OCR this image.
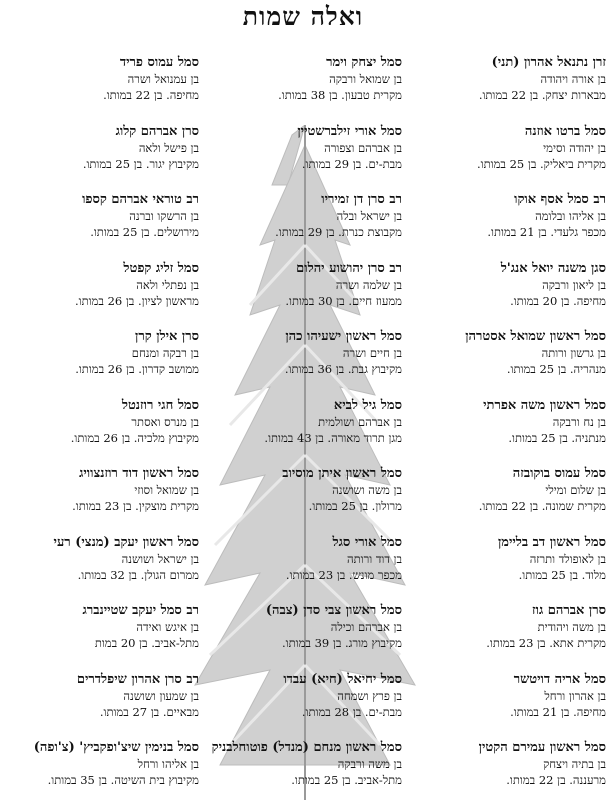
ואלה שמות
זרן נתנאל אהרון (תני)
בן אורה ויהודה
מבארות יצחק. בן 22 במותו.
סמל ברטו אוזנה
בן יהודה וסימי
מקרית ביאליק. בן 25 במותו.
רב סמל אסף אוקו
בן אליהו ובלומה
מכפר גלעדי. בן 21 במותו.
סגן משנה יואל אנג'ל
בן ליאון ורבקה
מחיפה. בן 20 במותו.
סמל ראשון שמואל אסטרהן
בן גרשון ורותה
מנהריה. בן 25 במותו.
סמל ראשון משה אפרתי
בן נח ורבקה
מנתניה. בן 25 במותו.
סמל עמוס בוקובזה
בן שלום ומילי
מקרית שמונה. בן 22 במותו.
סמל ראשון דב בליימן
בן לאופולד ותרזה
מלוד. בן 25 במותו.
סרן אברהם גוז
בן משה ויהודית
מקרית אתא. בן 23 במותו.
סמל אריה דויטשר
בן אהרון ורחל
מחיפה. בן 21 במותו.
סמל ראשון עמירם הקטין
בן בתיה ויצחק
מרעננה. בן 22 במותו.
סמל יצחק וימר
בן שמואל ורבקה
מקרית טבעון. בן 38 במותו.
סמל אורי זילברשטיין
בן אברהם וצפורה
מבת-ים. בן 29 במותו.
רב סרן דן זמיריו
בן ישראל ובלה
מקבוצת כנרת. בן 29 במותו.
רב סרן יהושוע יהלום
בן שלמה ושרה
ממעוז חיים. בן 30 במותו.
סמל ראשון ישעיהו כהן
בן חיים ושרה
מקיבוץ גבת. בן 36 במותו.
סמל גיל לביא
בן אברהם ושולמית
מגן תרוד מאורה. בן 43 במותו.
סמל ראשון איתן מוסיוב
בן משה ושושנה
מרולון. בן 25 במותו.
סמל אורי סגל
בן דוד ורותה
מכפר מונש. בן 23 במותו.
סמל ראשון צבי סדן (צבה)
בן אברהם וכילה
מקיבוץ מורג. בן 39 במותו.
סמל יחיאל (חיא) עבדו
בן פרץ ושמחה
מבת-ים. בן 28 במותו.
סמל ראשון מנחם (מנדל) פוטוחלבניק
בן משה ורבקה
מתל-אביב. בן 25 במותו.
סמל עמוס פריד
בן עמנואל ושרה
מחיפה. בן 22 במותו.
סרן אברהם קלוג
בן פישל ולאה
מקיבוץ יגור. בן 25 במותו.
רב טוראי אברהם קספו
בן הרשקו וברנה
מירושלים. בן 25 במותו.
סמל זליג קפטל
בן נפתלי ולאה
מראשון לציון. בן 26 במותו.
סרן אילן קרן
בן רבקה ומנחם
ממושב קדרון. בן 26 במותו.
סמל חגי רוזנטל
בן מנרס ואסתר
מקיבוץ מלכיה. בן 26 במותו.
סמל ראשון דוד רוזנצוויג
בן שמואל וסוזי
מקרית מוצקין. בן 23 במותו.
סמל ראשון יעקב (מנצי) רעי
בן ישראל ושושנה
ממרום הגולן. בן 32 במותו.
רב סמל יעקב שטיינברג
בן איגש ואידה
מתל-אביב. בן 20 במות
רב סרן אהרון שיפלדרים
בן שמעון ושושנה
מבאיים. בן 27 במותו.
סמל בנימין שיצ'ופקביץ' (צ'ופה)
בן אליהו ורחל
מקיבוץ בית השיטה. בן 35 במותו.
